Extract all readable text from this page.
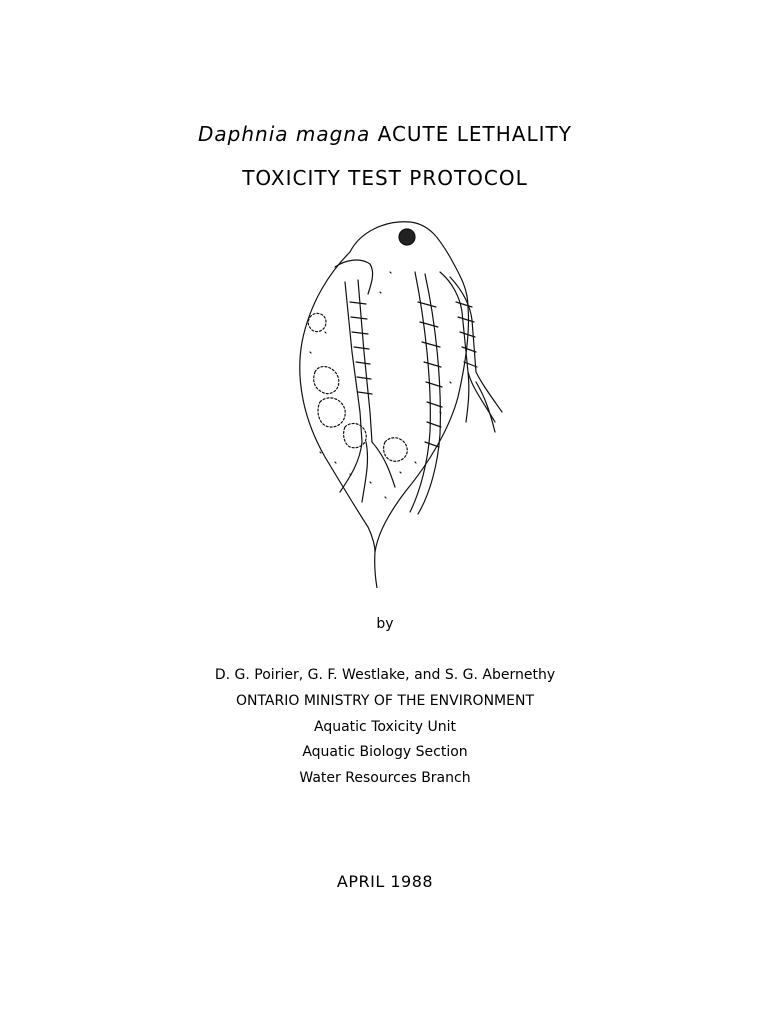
Daphnia magna ACUTE LETHALITY
TOXICITY TEST PROTOCOL
by
D. G. Poirier, G. F. Westlake, and S. G. Abernethy
ONTARIO MINISTRY OF THE ENVIRONMENT
Aquatic Toxicity Unit
Aquatic Biology Section
Water Resources Branch
APRIL 1988
